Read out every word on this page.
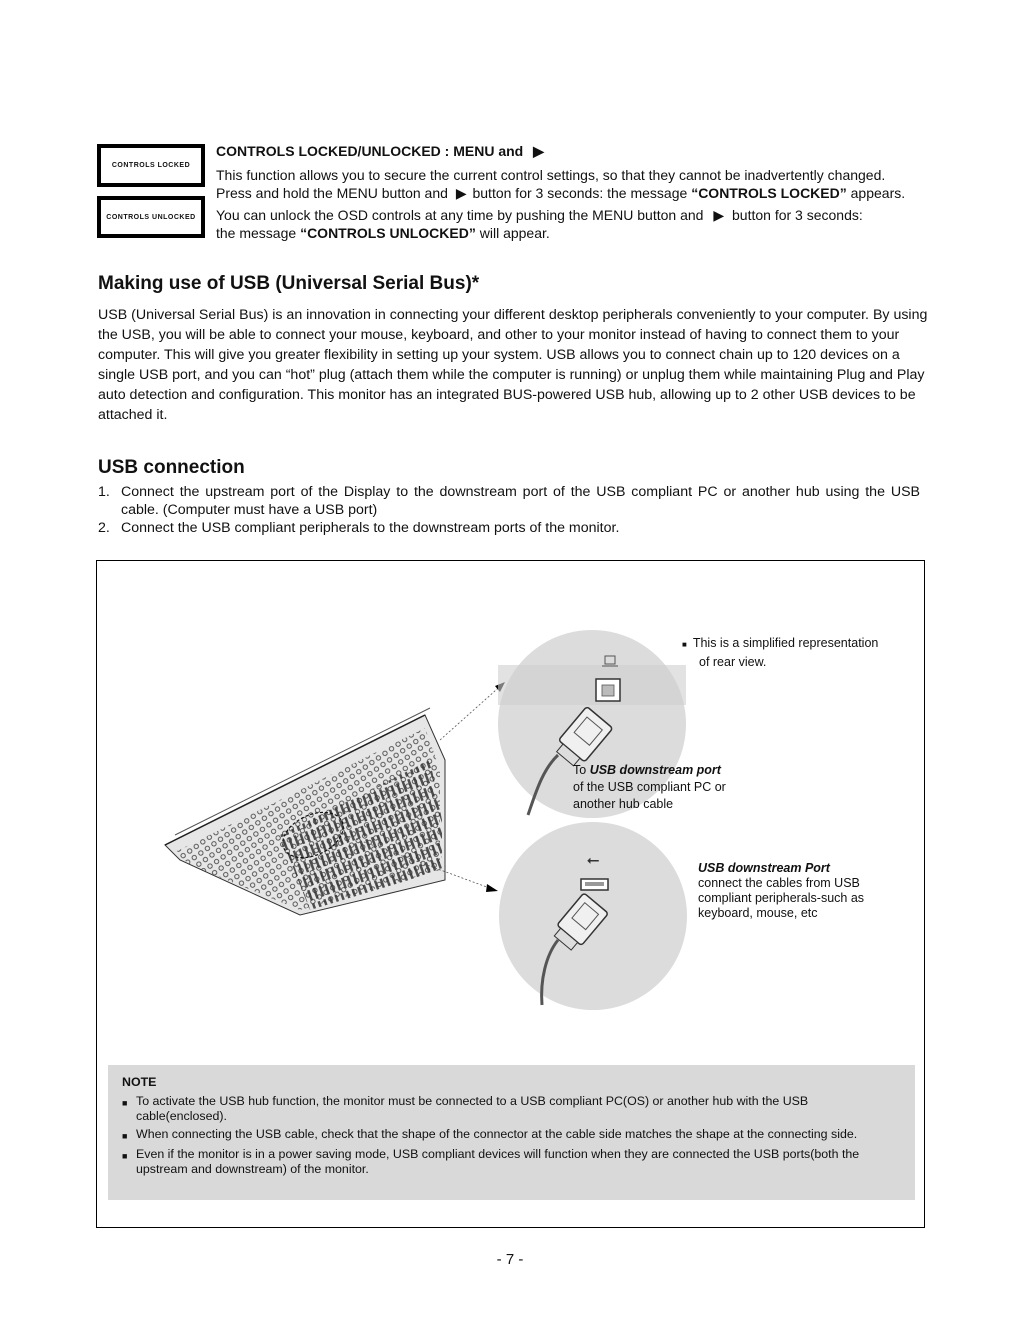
CONTROLS LOCKED
CONTROLS UNLOCKED
CONTROLS LOCKED/UNLOCKED : MENU and ▶
This function allows you to secure the current control settings, so that they cannot be inadvertently changed.
Press and hold the MENU button and ▶ button for 3 seconds: the message “CONTROLS LOCKED” appears.
You can unlock the OSD controls at any time by pushing the MENU button and ▶ button for 3 seconds:
the message “CONTROLS UNLOCKED” will appear.
Making use of USB (Universal Serial Bus)*
USB (Universal Serial Bus) is an innovation in connecting your different desktop peripherals conveniently to your computer. By using the USB, you will be able to connect your mouse, keyboard, and other to your monitor instead of having to connect them to your computer. This will give you greater flexibility in setting up your system. USB allows you to connect chain up to 120 devices on a single USB port, and you can “hot” plug (attach them while the computer is running) or unplug them while maintaining Plug and Play auto detection and configuration. This monitor has an integrated BUS-powered USB hub, allowing up to 2 other USB devices to be attached it.
USB connection
1. Connect the upstream port of the Display to the downstream port of the USB compliant PC or another hub using the USB cable. (Computer must have a USB port)
2. Connect the USB compliant peripherals to the downstream ports of the monitor.
⭠
■ This is a simplified representation
of rear view.
To USB downstream port
of the USB compliant PC or
another hub cable
USB downstream Port
connect the cables from USB
compliant peripherals-such as
keyboard, mouse, etc
NOTE
■ To activate the USB hub function, the monitor must be connected to a USB compliant PC(OS) or another hub with the USB cable(enclosed).
■ When connecting the USB cable, check that the shape of the connector at the cable side matches the shape at the connecting side.
■ Even if the monitor is in a power saving mode, USB compliant devices will function when they are connected the USB ports(both the upstream and downstream) of the monitor.
- 7 -
